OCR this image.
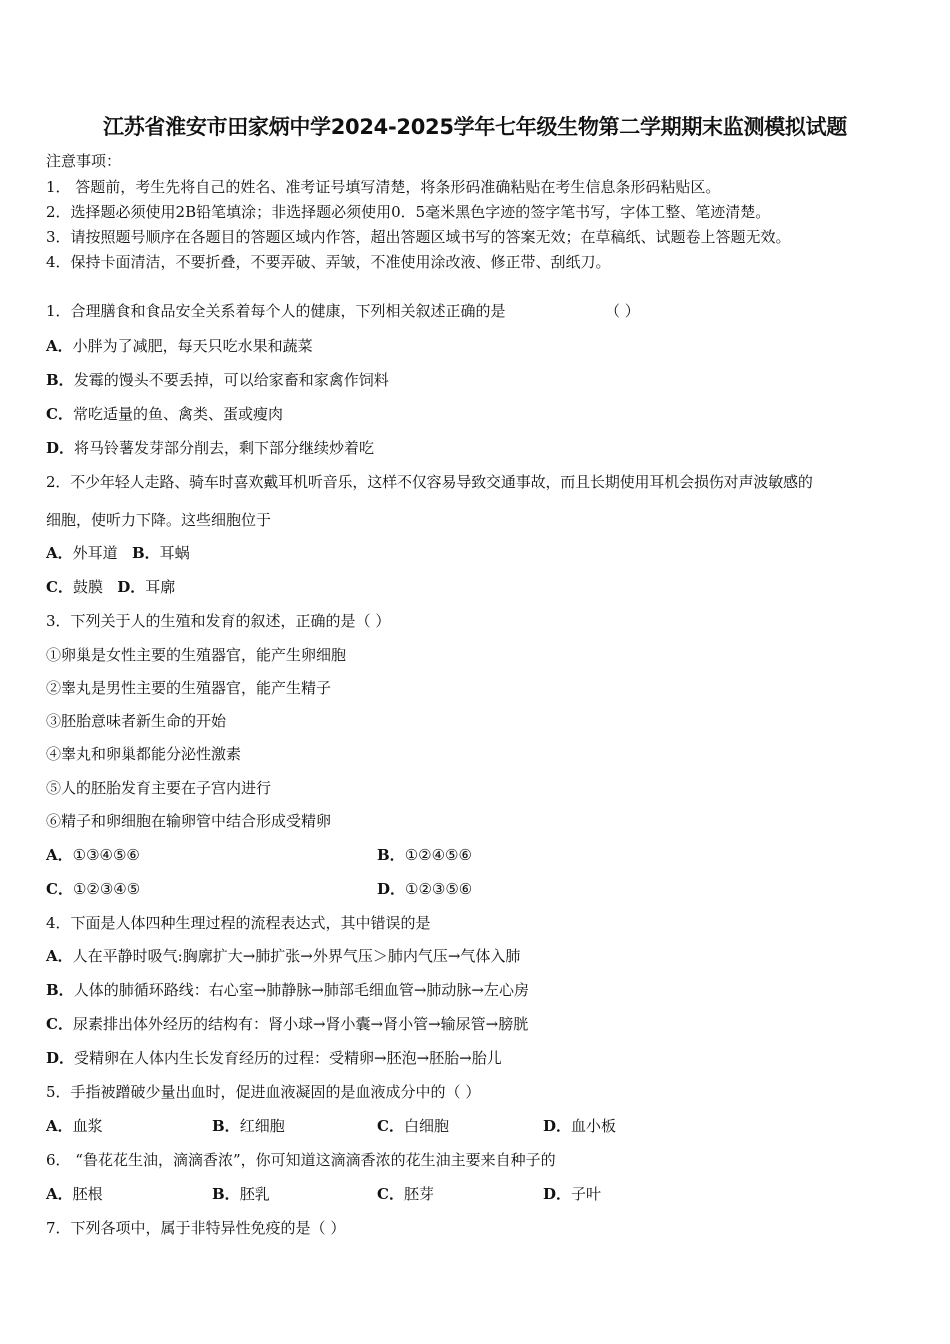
江苏省淮安市田家炳中学2024-2025学年七年级生物第二学期期末监测模拟试题
注意事项：
1． 答题前，考生先将自己的姓名、准考证号填写清楚，将条形码准确粘贴在考生信息条形码粘贴区。
2．选择题必须使用2B铅笔填涂；非选择题必须使用0．5毫米黑色字迹的签字笔书写，字体工整、笔迹清楚。
3．请按照题号顺序在各题目的答题区域内作答，超出答题区域书写的答案无效；在草稿纸、试题卷上答题无效。
4．保持卡面清洁，不要折叠，不要弄破、弄皱，不准使用涂改液、修正带、刮纸刀。
1．合理膳食和食品安全关系着每个人的健康，下列相关叙述正确的是	（ ）
A．小胖为了减肥，每天只吃水果和蔬菜
B．发霉的馒头不要丢掉，可以给家畜和家禽作饲料
C．常吃适量的鱼、禽类、蛋或瘦肉
D．将马铃薯发芽部分削去，剩下部分继续炒着吃
2．不少年轻人走路、骑车时喜欢戴耳机听音乐，这样不仅容易导致交通事故，而且长期使用耳机会损伤对声波敏感的
细胞，使听力下降。这些细胞位于
A．外耳道 B．耳蜗
C．鼓膜 D．耳廓
3．下列关于人的生殖和发育的叙述，正确的是（ ）
①卵巢是女性主要的生殖器官，能产生卵细胞
②睾丸是男性主要的生殖器官，能产生精子
③胚胎意味者新生命的开始
④睾丸和卵巢都能分泌性激素
⑤人的胚胎发育主要在子宫内进行
⑥精子和卵细胞在输卵管中结合形成受精卵
A．①③④⑤⑥	B．①②④⑤⑥
C．①②③④⑤	D．①②③⑤⑥
4．下面是人体四种生理过程的流程表达式，其中错误的是
A．人在平静时吸气:胸廓扩大→肺扩张→外界气压＞肺内气压→气体入肺
B．人体的肺循环路线：右心室→肺静脉→肺部毛细血管→肺动脉→左心房
C．尿素排出体外经历的结构有：肾小球→肾小囊→肾小管→输尿管→膀胱
D．受精卵在人体内生长发育经历的过程：受精卵→胚泡→胚胎→胎儿
5．手指被蹭破少量出血时，促进血液凝固的是血液成分中的（ ）
A．血浆	B．红细胞	C．白细胞	D．血小板
6． “鲁花花生油，滴滴香浓”，你可知道这滴滴香浓的花生油主要来自种子的
A．胚根	B．胚乳	C．胚芽	D．子叶
7．下列各项中，属于非特异性免疫的是（ ）
